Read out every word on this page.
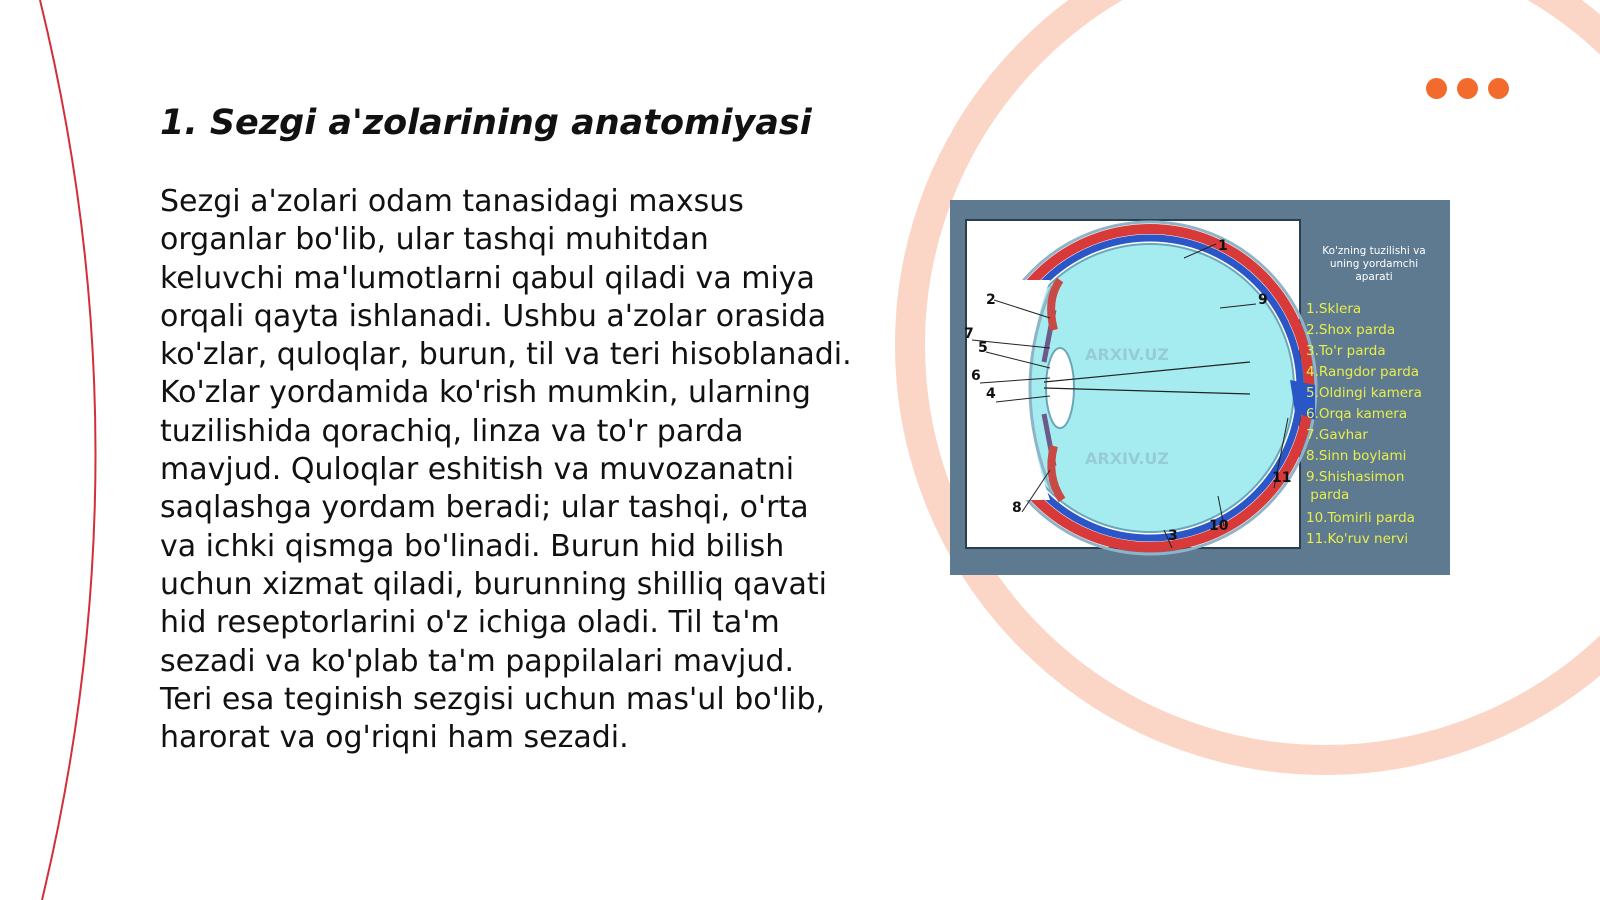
1. Sezgi a'zolarining anatomiyasi

Sezgi a'zolari odam tanasidagi maxsus
organlar bo'lib, ular tashqi muhitdan
keluvchi ma'lumotlarni qabul qiladi va miya
orqali qayta ishlanadi. Ushbu a'zolar orasida
ko'zlar, quloqlar, burun, til va teri hisoblanadi.
Ko'zlar yordamida ko'rish mumkin, ularning
tuzilishida qorachiq, linza va to'r parda
mavjud. Quloqlar eshitish va muvozanatni
saqlashga yordam beradi; ular tashqi, o'rta
va ichki qismga bo'linadi. Burun hid bilish
uchun xizmat qiladi, burunning shilliq qavati
hid reseptorlarini o'z ichiga oladi. Til ta'm
sezadi va ko'plab ta'm pappilalari mavjud.
Teri esa teginish sezgisi uchun mas'ul bo'lib,
harorat va og'riqni ham sezadi.

ARXIV.UZ
ARXIV.UZ
1
2
3
4
5
6
7
8
9
10
11
Ko'zning tuzilishi va
uning yordamchi
aparati
1.Sklera
2.Shox parda
3.To'r parda
4.Rangdor parda
5.Oldingi kamera
6.Orqa kamera
7.Gavhar
8.Sinn boylami
9.Shishasimon
parda
10.Tomirli parda
11.Ko'ruv nervi
